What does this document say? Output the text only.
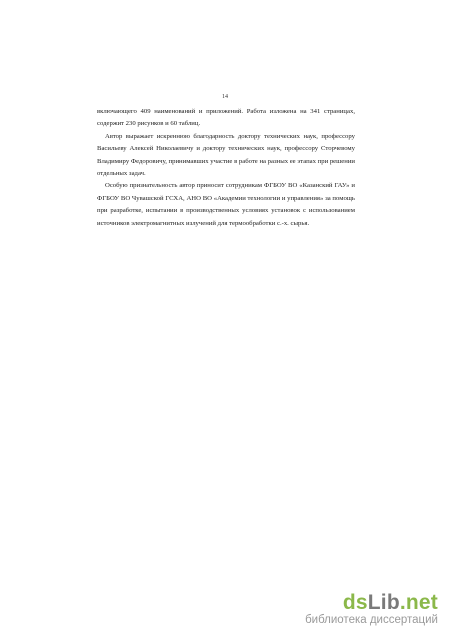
14

включающего 409 наименований и приложений. Работа изложена на 341 страницах, содержит 230 рисунков и 60 таблиц.

Автор выражает искреннюю благодарность доктору технических наук, профессору Васильеву Алексей Николаевичу и доктору технических наук, профессору Сторчевому Владимиру Федоровичу, принимавших участие в работе на разных ее этапах при решении отдельных задач.

Особую признательность автор приносит сотрудникам ФГБОУ ВО «Казанский ГАУ» и ФГБОУ ВО Чувашской ГСХА, АНО ВО «Академии технологии и управления» за помощь при разработке, испытании в производственных условиях установок с использованием источников электромагнитных излучений для термообработки с.-х. сырья.

dsLib.net
библиотека диссертаций
